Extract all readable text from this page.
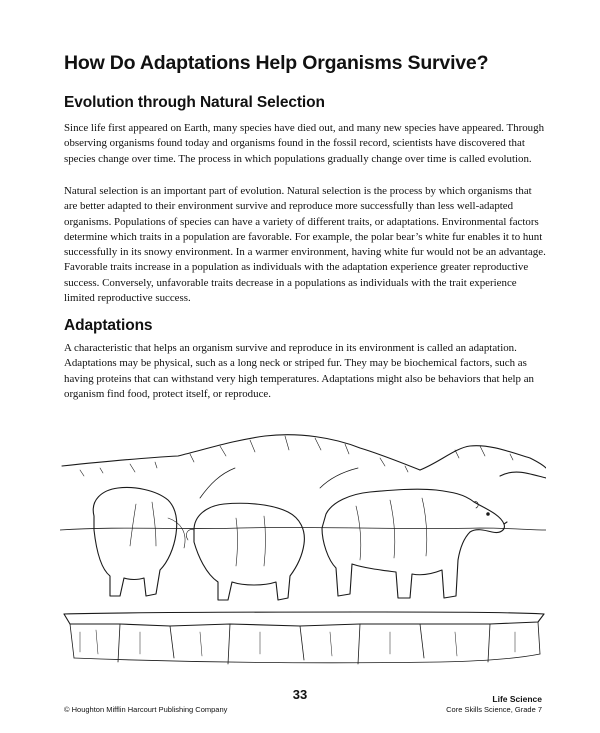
How Do Adaptations Help Organisms Survive?
Evolution through Natural Selection

Since life first appeared on Earth, many species have died out, and many new species have appeared. Through observing organisms found today and organisms found in the fossil record, scientists have discovered that species change over time. The process in which populations gradually change over time is called evolution.

Natural selection is an important part of evolution. Natural selection is the process by which organisms that are better adapted to their environment survive and reproduce more successfully than less well-adapted organisms. Populations of species can have a variety of different traits, or adaptations. Environmental factors determine which traits in a population are favorable. For example, the polar bear’s white fur enables it to hunt successfully in its snowy environment. In a warmer environment, having white fur would not be an advantage. Favorable traits increase in a population as individuals with the adaptation experience greater reproductive success. Conversely, unfavorable traits decrease in a populations as individuals with the trait experience limited reproductive success.

Adaptations

A characteristic that helps an organism survive and reproduce in its environment is called an adaptation. Adaptations may be physical, such as a long neck or striped fur. They may be biochemical factors, such as having proteins that can withstand very high temperatures. Adaptations might also be behaviors that help an organism find food, protect itself, or reproduce.

33
© Houghton Mifflin Harcourt Publishing Company
Life Science
Core Skills Science, Grade 7
